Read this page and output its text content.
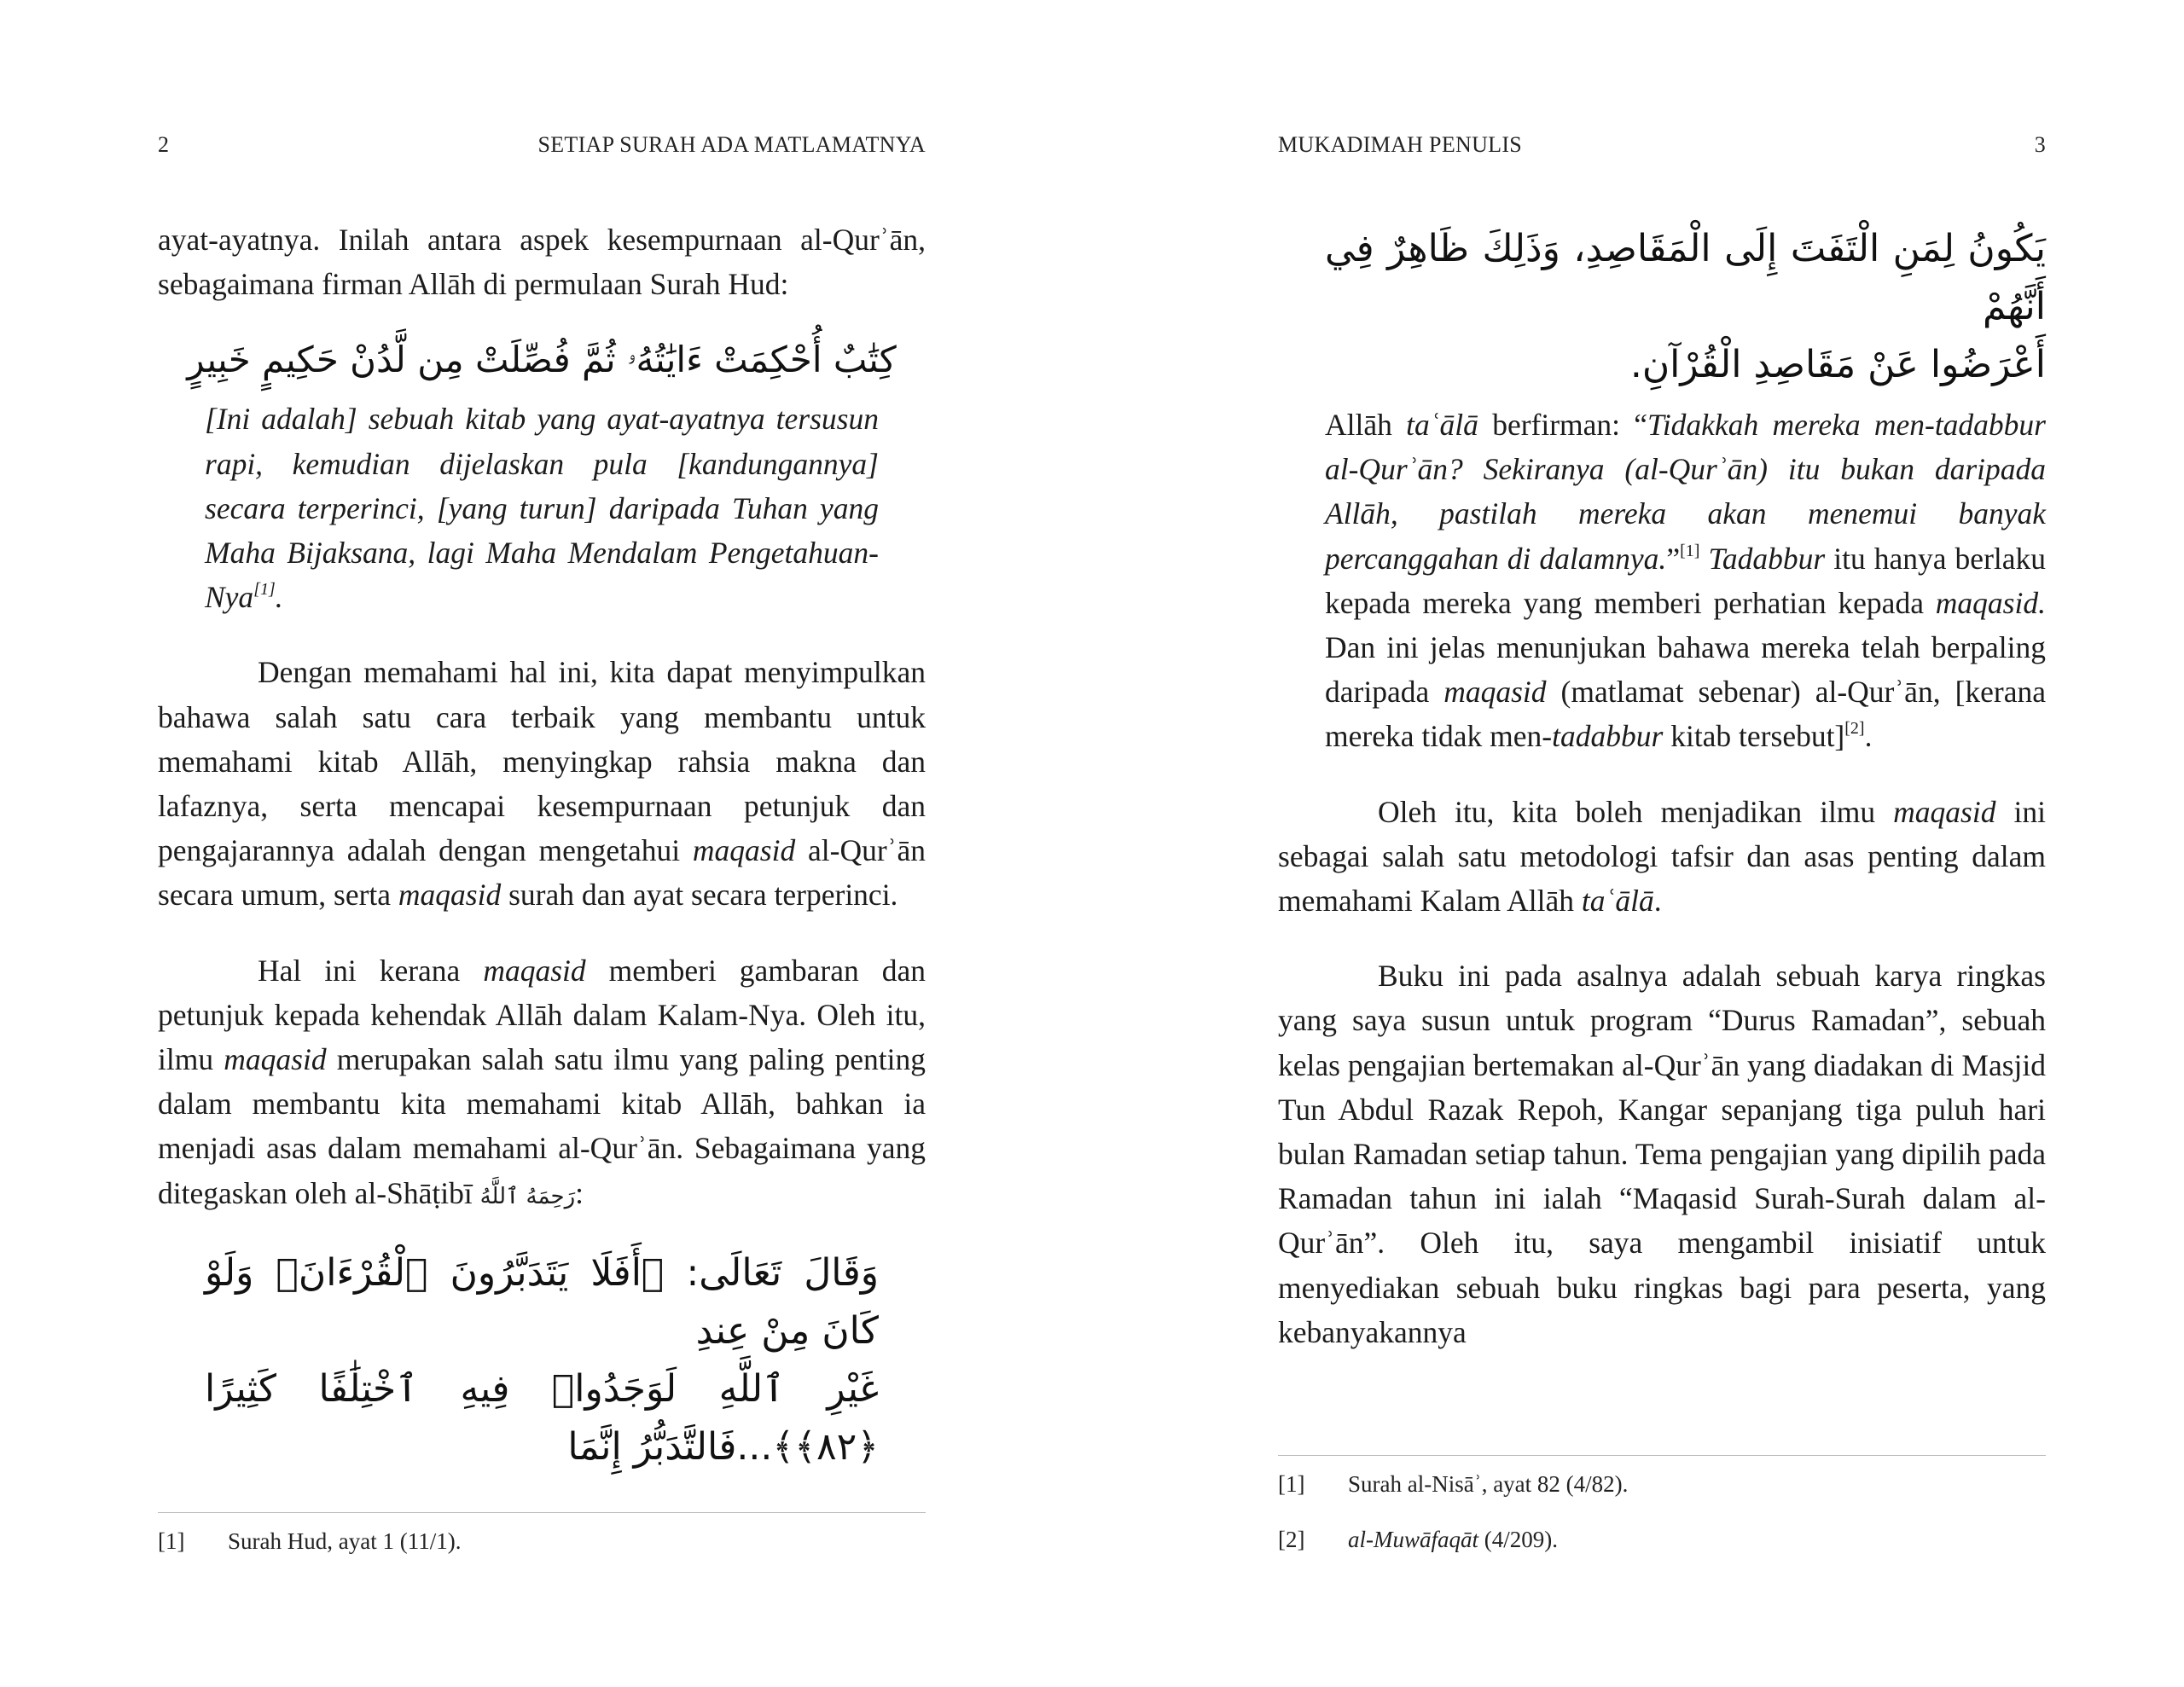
2	SETIAP SURAH ADA MATLAMATNYA

ayat-ayatnya. Inilah antara aspek kesempurnaan al-Qurʾān, sebagaimana firman Allāh di permulaan Surah Hud:

كِتَٰبٌ أُحْكِمَتْ ءَايَٰتُهُۥ ثُمَّ فُصِّلَتْ مِن لَّدُنْ حَكِيمٍ خَبِيرٍ
[Ini adalah] sebuah kitab yang ayat-ayatnya tersusun rapi, kemudian dijelaskan pula [kandungannya] secara terperinci, [yang turun] daripada Tuhan yang Maha Bijaksana, lagi Maha Mendalam Pengetahuan-Nya[1].

Dengan memahami hal ini, kita dapat menyimpulkan bahawa salah satu cara terbaik yang membantu untuk memahami kitab Allāh, menyingkap rahsia makna dan lafaznya, serta mencapai kesempurnaan petunjuk dan pengajarannya adalah dengan mengetahui maqasid al-Qurʾān secara umum, serta maqasid surah dan ayat secara terperinci.

Hal ini kerana maqasid memberi gambaran dan petunjuk kepada kehendak Allāh dalam Kalam-Nya. Oleh itu, ilmu maqasid merupakan salah satu ilmu yang paling penting dalam membantu kita memahami kitab Allāh, bahkan ia menjadi asas dalam memahami al-Qurʾān. Sebagaimana yang ditegaskan oleh al-Shāṭibī رَحِمَهُ ٱللَّهُ:

وَقَالَ تَعَالَى: ﴿أَفَلَا يَتَدَبَّرُونَ ٱلْقُرْءَانَۚ وَلَوْ كَانَ مِنْ عِندِ
غَيْرِ ٱللَّهِ لَوَجَدُوا۟ فِيهِ ٱخْتِلَٰفًا كَثِيرًا ﴿٨٢﴾﴾...فَالتَّدَبُّرُ إِنَّمَا
[1]	Surah Hud, ayat 1 (11/1).
MUKADIMAH PENULIS	3
يَكُونُ لِمَنِ الْتَفَتَ إِلَى الْمَقَاصِدِ، وَذَلِكَ ظَاهِرٌ فِي أَنَّهُمْ
أَعْرَضُوا عَنْ مَقَاصِدِ الْقُرْآنِ.

Allāh taʿālā berfirman: “Tidakkah mereka men-tadabbur al-Qurʾān? Sekiranya (al-Qurʾān) itu bukan daripada Allāh, pastilah mereka akan menemui banyak percanggahan di dalamnya.”[1] Tadabbur itu hanya berlaku kepada mereka yang memberi perhatian kepada maqasid. Dan ini jelas menunjukan bahawa mereka telah berpaling daripada maqasid (matlamat sebenar) al-Qurʾān, [kerana mereka tidak men-tadabbur kitab tersebut][2].

Oleh itu, kita boleh menjadikan ilmu maqasid ini sebagai salah satu metodologi tafsir dan asas penting dalam memahami Kalam Allāh taʿālā.

Buku ini pada asalnya adalah sebuah karya ringkas yang saya susun untuk program “Durus Ramadan”, sebuah kelas pengajian bertemakan al-Qurʾān yang diadakan di Masjid Tun Abdul Razak Repoh, Kangar sepanjang tiga puluh hari bulan Ramadan setiap tahun. Tema pengajian yang dipilih pada Ramadan tahun ini ialah “Maqasid Surah-Surah dalam al-Qurʾān”. Oleh itu, saya mengambil inisiatif untuk menyediakan sebuah buku ringkas bagi para peserta, yang kebanyakannya

[1]	Surah al-Nisāʾ, ayat 82 (4/82).
[2]	al-Muwāfaqāt (4/209).
